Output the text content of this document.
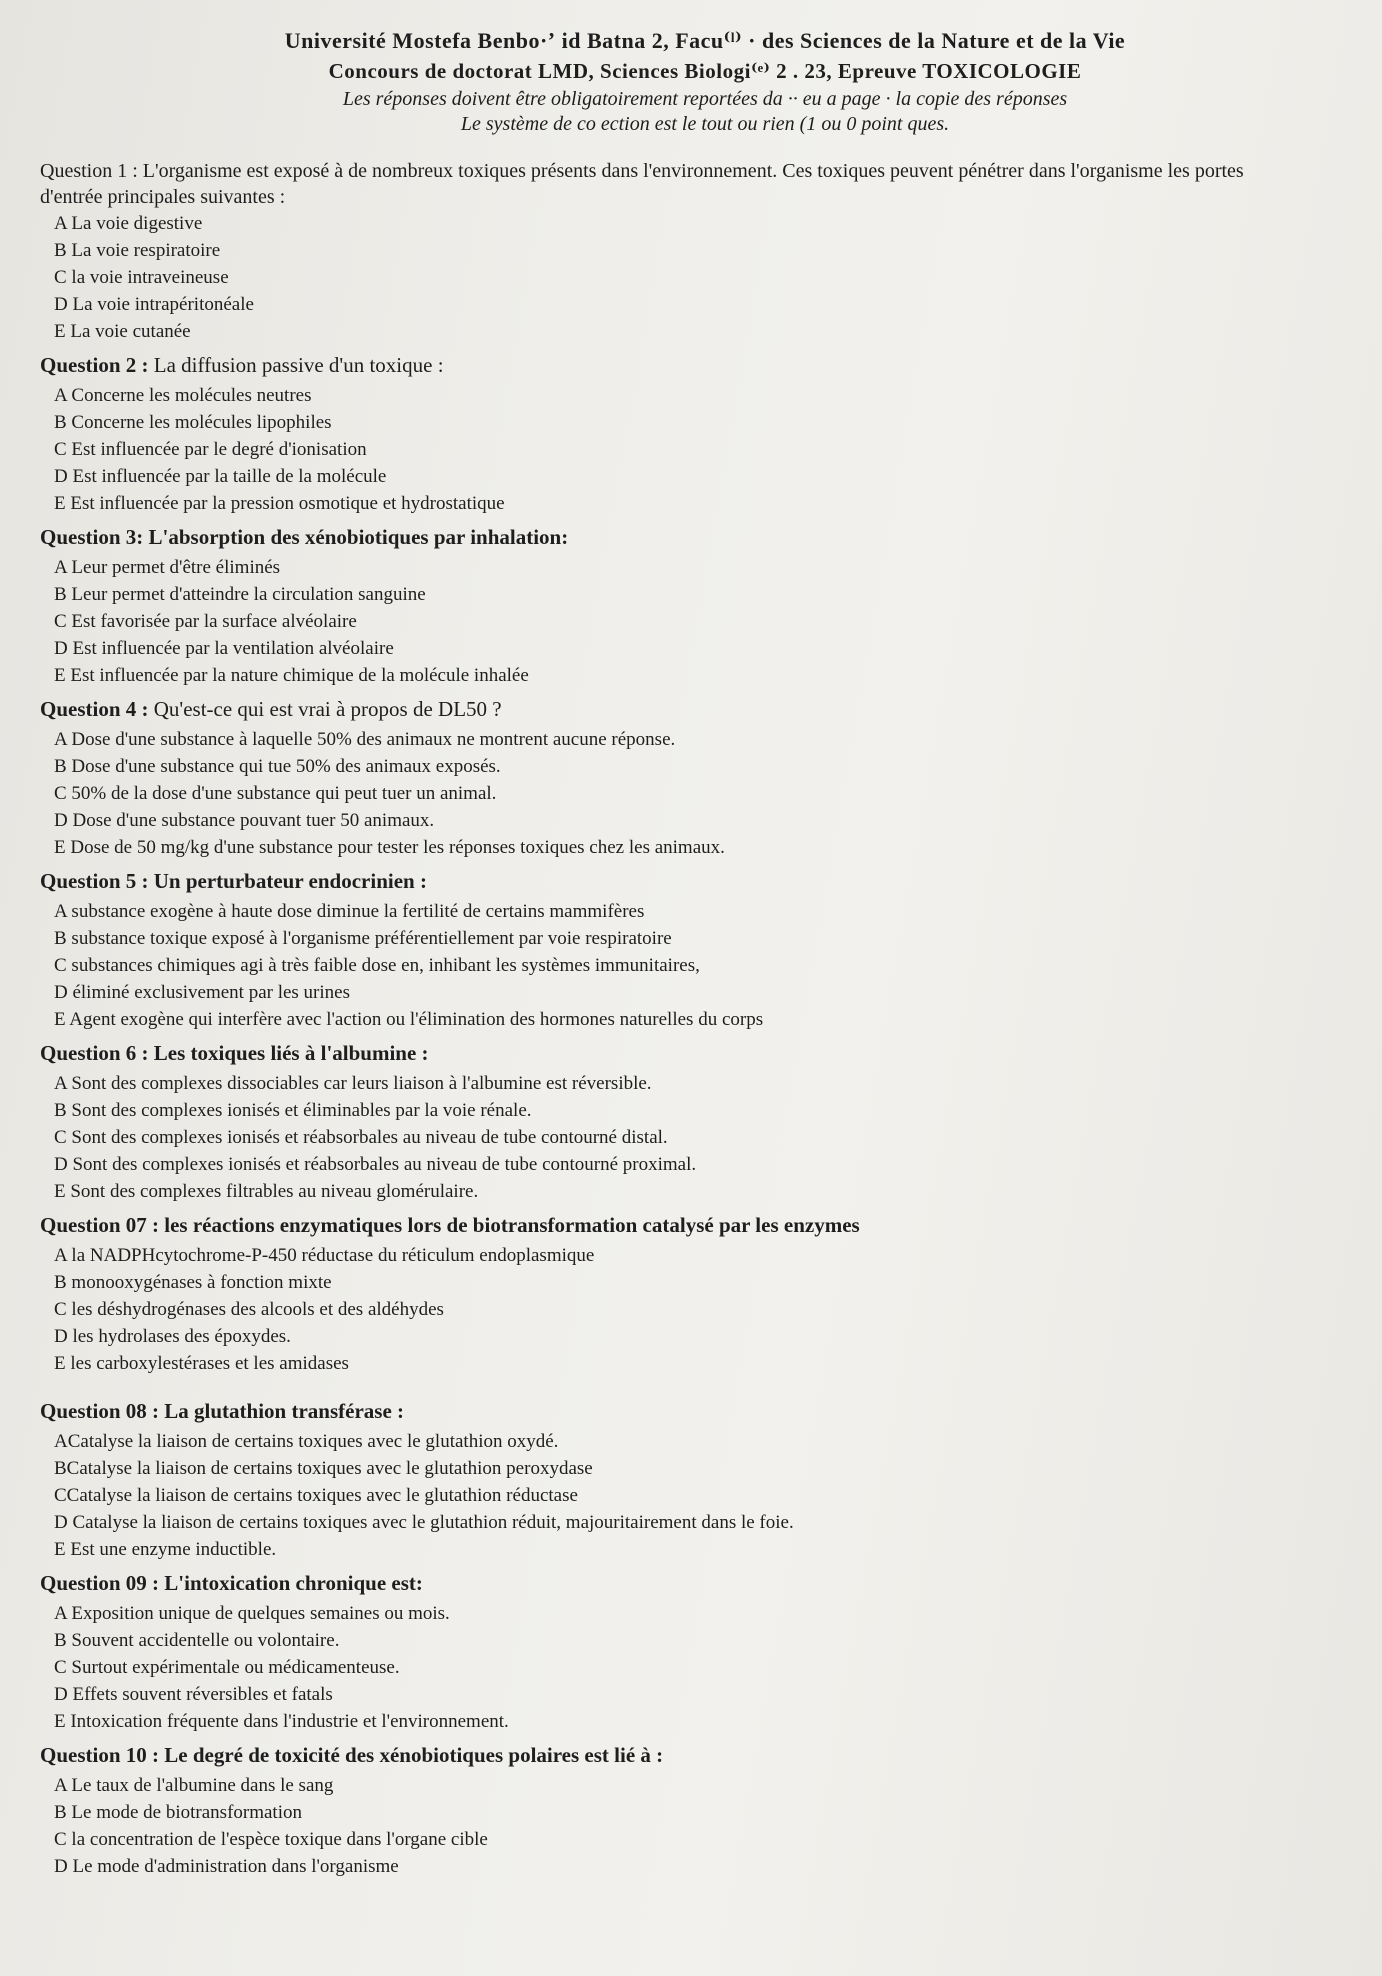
Université Mostefa Benbo·ʼ id Batna 2, Facu⁽ˡ⁾ · des Sciences de la Nature et de la Vie
Concours de doctorat LMD, Sciences Biologi⁽ᵉ⁾ 2 . 23, Epreuve TOXICOLOGIE
Les réponses doivent être obligatoirement reportées da ·· eu a page · la copie des réponses
Le système de co ection est le tout ou rien (1 ou 0 point ques.
Question 1 : L'organisme est exposé à de nombreux toxiques présents dans l'environnement. Ces toxiques peuvent pénétrer dans l'organisme les portes d'entrée principales suivantes :
A La voie digestive
B La voie respiratoire
C la voie intraveineuse
D La voie intrapéritonéale
E La voie cutanée
Question 2 : La diffusion passive d'un toxique :
A Concerne les molécules neutres
B Concerne les molécules lipophiles
C Est influencée par le degré d'ionisation
D Est influencée par la taille de la molécule
E Est influencée par la pression osmotique et hydrostatique
Question 3: L'absorption des xénobiotiques par inhalation:
A Leur permet d'être éliminés
B Leur permet d'atteindre la circulation sanguine
C Est favorisée par la surface alvéolaire
D Est influencée par la ventilation alvéolaire
E Est influencée par la nature chimique de la molécule inhalée
Question 4 : Qu'est-ce qui est vrai à propos de DL50 ?
A Dose d'une substance à laquelle 50% des animaux ne montrent aucune réponse.
B Dose d'une substance qui tue 50% des animaux exposés.
C 50% de la dose d'une substance qui peut tuer un animal.
D Dose d'une substance pouvant tuer 50 animaux.
E Dose de 50 mg/kg d'une substance pour tester les réponses toxiques chez les animaux.
Question 5 : Un perturbateur endocrinien :
A substance exogène à haute dose diminue la fertilité de certains mammifères
B substance toxique exposé à l'organisme préférentiellement par voie respiratoire
C substances chimiques agi à très faible dose en, inhibant les systèmes immunitaires,
D éliminé exclusivement par les urines
E Agent exogène qui interfère avec l'action ou l'élimination des hormones naturelles du corps
Question 6 : Les toxiques liés à l'albumine :
A Sont des complexes dissociables car leurs liaison à l'albumine est réversible.
B Sont des complexes ionisés et éliminables par la voie rénale.
C Sont des complexes ionisés et réabsorbales au niveau de tube contourné distal.
D Sont des complexes ionisés et réabsorbales au niveau de tube contourné proximal.
E Sont des complexes filtrables au niveau glomérulaire.
Question 07 : les réactions enzymatiques lors de biotransformation catalysé par les enzymes
A la NADPHcytochrome-P-450 réductase du réticulum endoplasmique
B monooxygénases à fonction mixte
C les déshydrogénases des alcools et des aldéhydes
D les hydrolases des époxydes.
E les carboxylestérases et les amidases
Question 08 : La glutathion transférase :
ACatalyse la liaison de certains toxiques avec le glutathion oxydé.
BCatalyse la liaison de certains toxiques avec le glutathion peroxydase
CCatalyse la liaison de certains toxiques avec le glutathion réductase
D Catalyse la liaison de certains toxiques avec le glutathion réduit, majouritairement dans le foie.
E Est une enzyme inductible.
Question 09 : L'intoxication chronique est:
A Exposition unique de quelques semaines ou mois.
B Souvent accidentelle ou volontaire.
C Surtout expérimentale ou médicamenteuse.
D Effets souvent réversibles et fatals
E Intoxication fréquente dans l'industrie et l'environnement.
Question 10 : Le degré de toxicité des xénobiotiques polaires est lié à :
A Le taux de l'albumine dans le sang
B Le mode de biotransformation
C la concentration de l'espèce toxique dans l'organe cible
D Le mode d'administration dans l'organisme
